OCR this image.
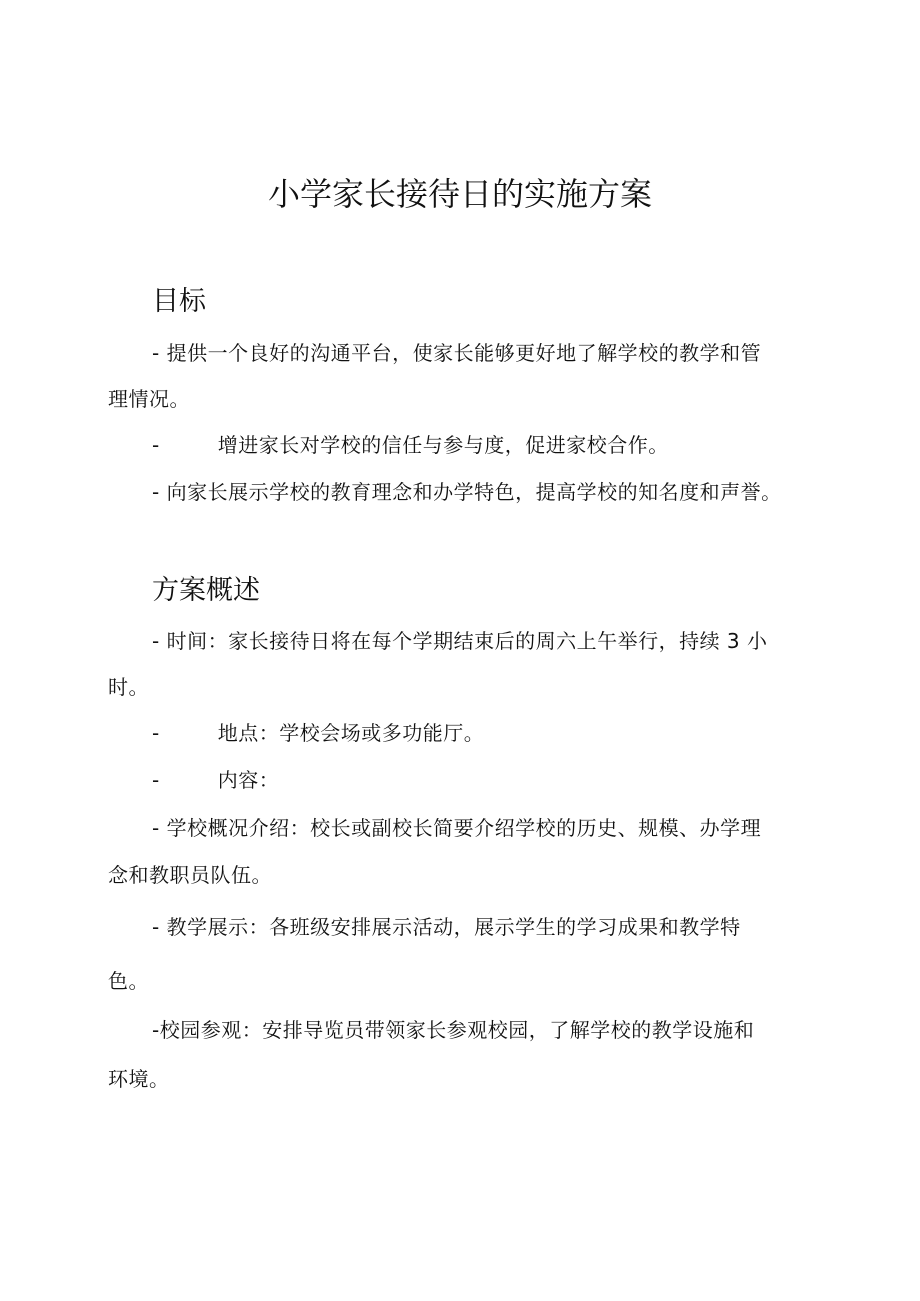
小学家长接待日的实施方案
目标
- 提供一个良好的沟通平台，使家长能够更好地了解学校的教学和管
理情况。
-	增进家长对学校的信任与参与度，促进家校合作。
- 向家长展示学校的教育理念和办学特色，提高学校的知名度和声誉。
方案概述
- 时间：家长接待日将在每个学期结束后的周六上午举行，持续 3 小
时。
-	地点：学校会场或多功能厅。
-	内容：
- 学校概况介绍：校长或副校长简要介绍学校的历史、规模、办学理
念和教职员队伍。
- 教学展示：各班级安排展示活动，展示学生的学习成果和教学特
色。
-校园参观：安排导览员带领家长参观校园，了解学校的教学设施和
环境。
